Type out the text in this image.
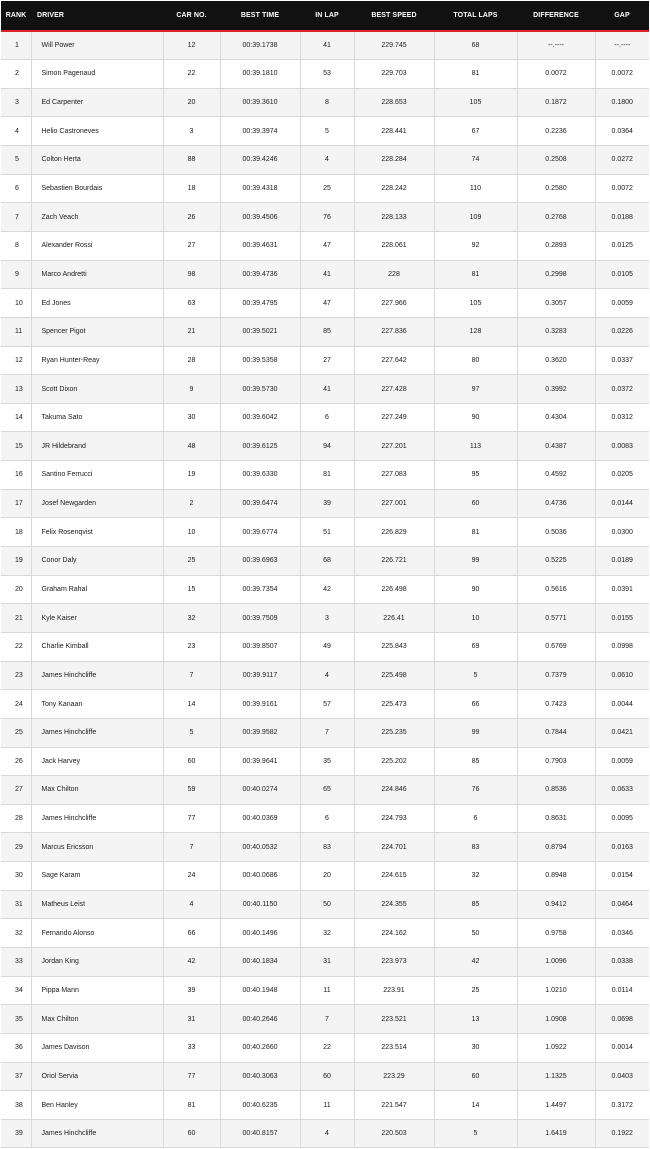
RANK	DRIVER	CAR NO.	BEST TIME	IN LAP	BEST SPEED	TOTAL LAPS	DIFFERENCE	GAP
1	Will Power	12	00:39.1738	41	229.745	68	--.----	--.----
2	Simon Pagenaud	22	00:39.1810	53	229.703	81	0.0072	0.0072
3	Ed Carpenter	20	00:39.3610	8	228.653	105	0.1872	0.1800
4	Helio Castroneves	3	00:39.3974	5	228.441	67	0.2236	0.0364
5	Colton Herta	88	00:39.4246	4	228.284	74	0.2508	0.0272
6	Sebastien Bourdais	18	00:39.4318	25	228.242	110	0.2580	0.0072
7	Zach Veach	26	00:39.4506	76	228.133	109	0.2768	0.0188
8	Alexander Rossi	27	00:39.4631	47	228.061	92	0.2893	0.0125
9	Marco Andretti	98	00:39.4736	41	228	81	0.2998	0.0105
10	Ed Jones	63	00:39.4795	47	227.966	105	0.3057	0.0059
11	Spencer Pigot	21	00:39.5021	85	227.836	128	0.3283	0.0226
12	Ryan Hunter-Reay	28	00:39.5358	27	227.642	80	0.3620	0.0337
13	Scott Dixon	9	00:39.5730	41	227.428	97	0.3992	0.0372
14	Takuma Sato	30	00:39.6042	6	227.249	90	0.4304	0.0312
15	JR Hildebrand	48	00:39.6125	94	227.201	113	0.4387	0.0083
16	Santino Ferrucci	19	00:39.6330	81	227.083	95	0.4592	0.0205
17	Josef Newgarden	2	00:39.6474	39	227.001	60	0.4736	0.0144
18	Felix Rosenqvist	10	00:39.6774	51	226.829	81	0.5036	0.0300
19	Conor Daly	25	00:39.6963	68	226.721	99	0.5225	0.0189
20	Graham Rahal	15	00:39.7354	42	226.498	90	0.5616	0.0391
21	Kyle Kaiser	32	00:39.7509	3	226.41	10	0.5771	0.0155
22	Charlie Kimball	23	00:39.8507	49	225.843	69	0.6769	0.0998
23	James Hinchcliffe	7	00:39.9117	4	225.498	5	0.7379	0.0610
24	Tony Kanaan	14	00:39.9161	57	225.473	66	0.7423	0.0044
25	James Hinchcliffe	5	00:39.9582	7	225.235	99	0.7844	0.0421
26	Jack Harvey	60	00:39.9641	35	225.202	85	0.7903	0.0059
27	Max Chilton	59	00:40.0274	65	224.846	76	0.8536	0.0633
28	James Hinchcliffe	77	00:40.0369	6	224.793	6	0.8631	0.0095
29	Marcus Ericsson	7	00:40.0532	83	224.701	83	0.8794	0.0163
30	Sage Karam	24	00:40.0686	20	224.615	32	0.8948	0.0154
31	Matheus Leist	4	00:40.1150	50	224.355	85	0.9412	0.0464
32	Fernando Alonso	66	00:40.1496	32	224.162	50	0.9758	0.0346
33	Jordan King	42	00:40.1834	31	223.973	42	1.0096	0.0338
34	Pippa Mann	39	00:40.1948	11	223.91	25	1.0210	0.0114
35	Max Chilton	31	00:40.2646	7	223.521	13	1.0908	0.0698
36	James Davison	33	00:40.2660	22	223.514	30	1.0922	0.0014
37	Oriol Servia	77	00:40.3063	60	223.29	60	1.1325	0.0403
38	Ben Hanley	81	00:40.6235	11	221.547	14	1.4497	0.3172
39	James Hinchcliffe	60	00:40.8157	4	220.503	5	1.6419	0.1922
